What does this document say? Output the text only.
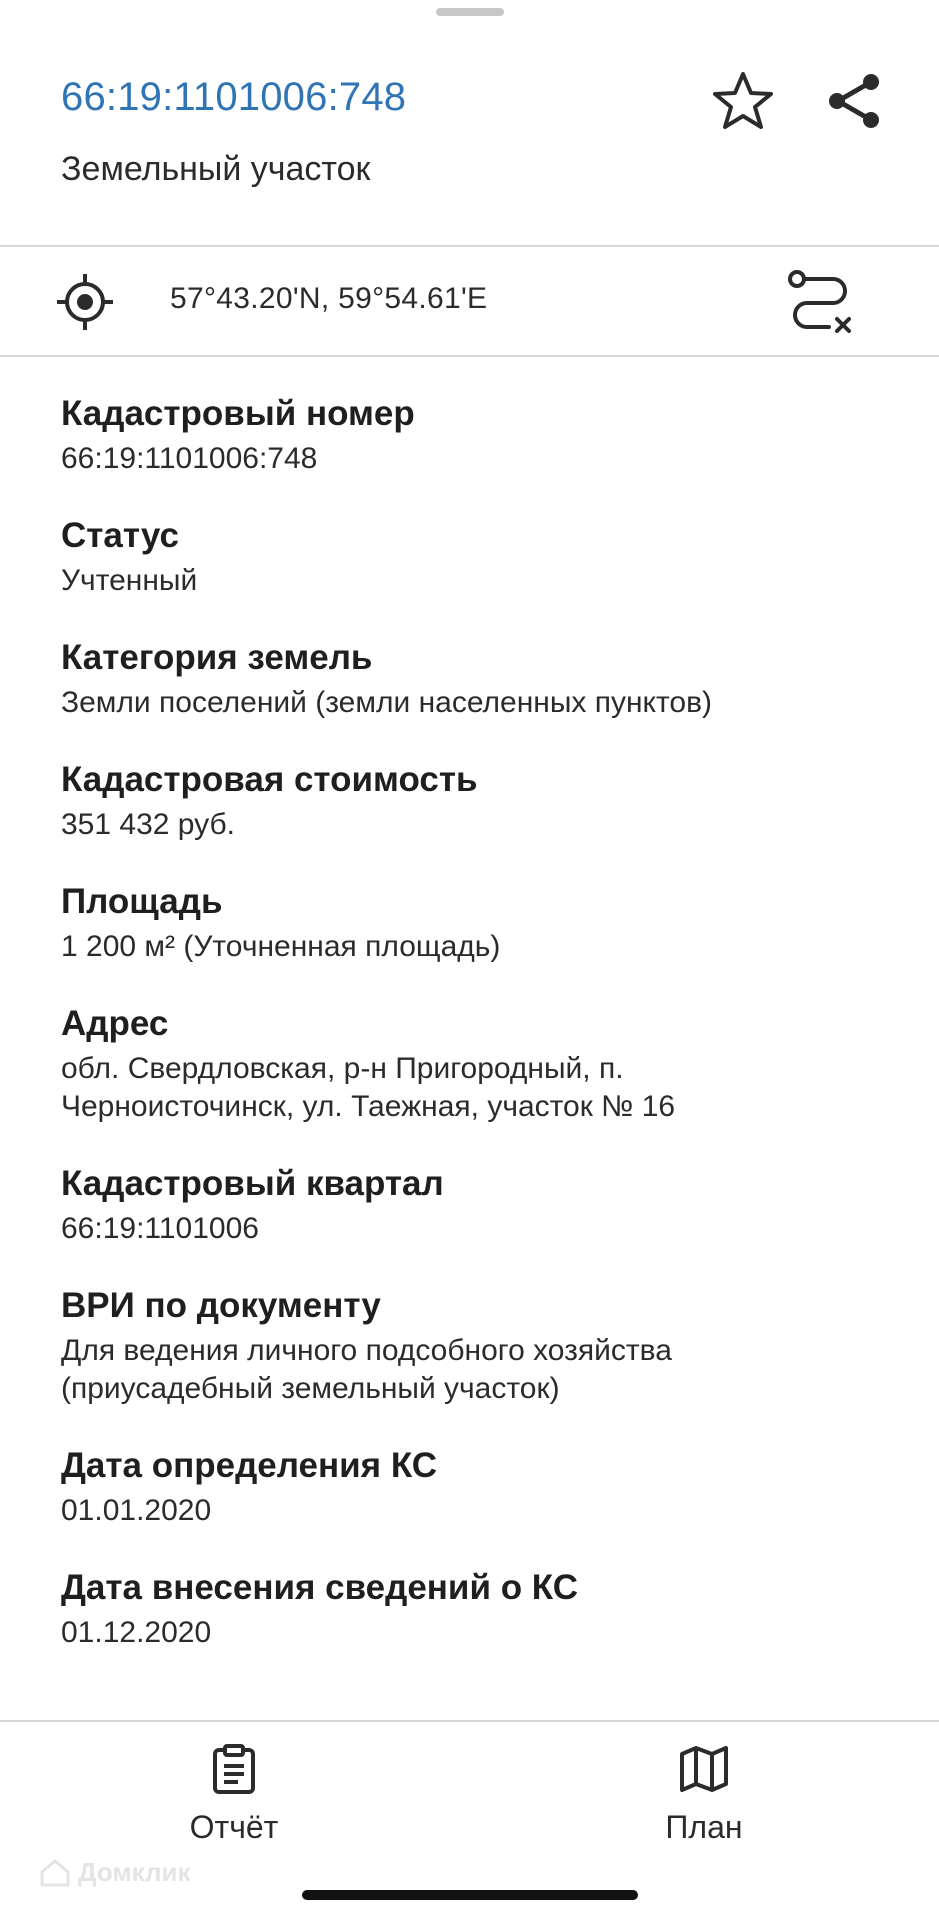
66:19:1101006:748
Земельный участок
57°43.20'N, 59°54.61'E
Кадастровый номер
66:19:1101006:748
Статус
Учтенный
Категория земель
Земли поселений (земли населенных пунктов)
Кадастровая стоимость
351 432 руб.
Площадь
1 200 м² (Уточненная площадь)
Адрес
обл. Свердловская, р-н Пригородный, п.
Черноисточинск, ул. Таежная, участок № 16
Кадастровый квартал
66:19:1101006
ВРИ по документу
Для ведения личного подсобного хозяйства
(приусадебный земельный участок)
Дата определения КС
01.01.2020
Дата внесения сведений о КС
01.12.2020
Отчёт	План
Домклик
